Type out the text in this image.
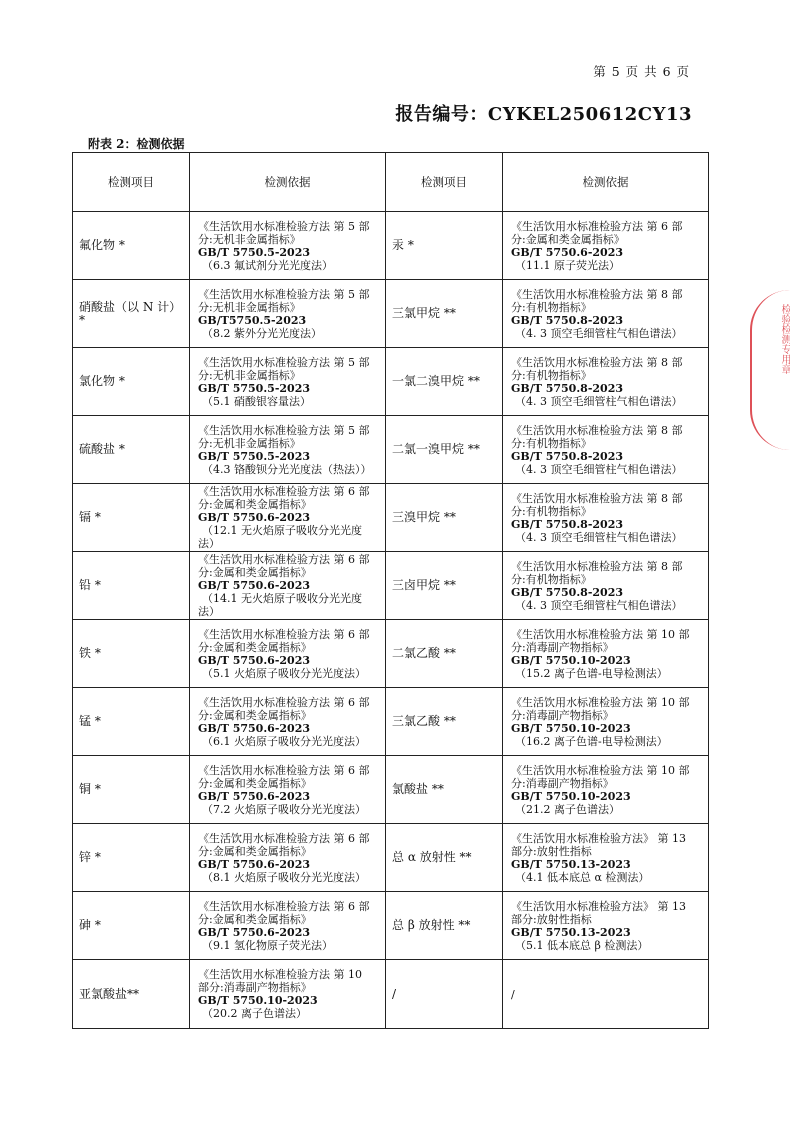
第 5 页 共 6 页
报告编号：CYKEL250612CY13
附表 2：检测依据
检测项目	检测依据	检测项目	检测依据
氟化物 *	《生活饮用水标准检验方法 第 5 部
分:无机非金属指标》
GB/T 5750.5-2023
（6.3 氟试剂分光光度法）	汞 *	《生活饮用水标准检验方法 第 6 部
分:金属和类金属指标》
GB/T 5750.6-2023
（11.1 原子荧光法）

硝酸盐（以 N 计）*	《生活饮用水标准检验方法 第 5 部
分:无机非金属指标》
GB/T5750.5-2023
（8.2 紫外分光光度法）	三氯甲烷 **	《生活饮用水标准检验方法 第 8 部
分:有机物指标》
GB/T 5750.8-2023
（4. 3 顶空毛细管柱气相色谱法）

氯化物 *	《生活饮用水标准检验方法 第 5 部
分:无机非金属指标》
GB/T 5750.5-2023
（5.1 硝酸银容量法）	一氯二溴甲烷 **	《生活饮用水标准检验方法 第 8 部
分:有机物指标》
GB/T 5750.8-2023
（4. 3 顶空毛细管柱气相色谱法）

硫酸盐 *	《生活饮用水标准检验方法 第 5 部
分:无机非金属指标》
GB/T 5750.5-2023
（4.3 铬酸钡分光光度法（热法））	二氯一溴甲烷 **	《生活饮用水标准检验方法 第 8 部
分:有机物指标》
GB/T 5750.8-2023
（4. 3 顶空毛细管柱气相色谱法）

镉 *	《生活饮用水标准检验方法 第 6 部
分:金属和类金属指标》
GB/T 5750.6-2023
（12.1 无火焰原子吸收分光光度
法）	三溴甲烷 **	《生活饮用水标准检验方法 第 8 部
分:有机物指标》
GB/T 5750.8-2023
（4. 3 顶空毛细管柱气相色谱法）

铅 *	《生活饮用水标准检验方法 第 6 部
分:金属和类金属指标》
GB/T 5750.6-2023
（14.1 无火焰原子吸收分光光度
法）	三卤甲烷 **	《生活饮用水标准检验方法 第 8 部
分:有机物指标》
GB/T 5750.8-2023
（4. 3 顶空毛细管柱气相色谱法）

铁 *	《生活饮用水标准检验方法 第 6 部
分:金属和类金属指标》
GB/T 5750.6-2023
（5.1 火焰原子吸收分光光度法）	二氯乙酸 **	《生活饮用水标准检验方法 第 10 部
分:消毒副产物指标》
GB/T 5750.10-2023
（15.2 离子色谱-电导检测法）

锰 *	《生活饮用水标准检验方法 第 6 部
分:金属和类金属指标》
GB/T 5750.6-2023
（6.1 火焰原子吸收分光光度法）	三氯乙酸 **	《生活饮用水标准检验方法 第 10 部
分:消毒副产物指标》
GB/T 5750.10-2023
（16.2 离子色谱-电导检测法）

铜 *	《生活饮用水标准检验方法 第 6 部
分:金属和类金属指标》
GB/T 5750.6-2023
（7.2 火焰原子吸收分光光度法）	氯酸盐 **	《生活饮用水标准检验方法 第 10 部
分:消毒副产物指标》
GB/T 5750.10-2023
（21.2 离子色谱法）

锌 *	《生活饮用水标准检验方法 第 6 部
分:金属和类金属指标》
GB/T 5750.6-2023
（8.1 火焰原子吸收分光光度法）	总 α 放射性 **	《生活饮用水标准检验方法》 第 13
部分:放射性指标
GB/T 5750.13-2023
（4.1 低本底总 α 检测法）

砷 *	《生活饮用水标准检验方法 第 6 部
分:金属和类金属指标》
GB/T 5750.6-2023
（9.1 氢化物原子荧光法）	总 β 放射性 **	《生活饮用水标准检验方法》 第 13
部分:放射性指标
GB/T 5750.13-2023
（5.1 低本底总 β 检测法）

亚氯酸盐**	《生活饮用水标准检验方法 第 10
部分:消毒副产物指标》
GB/T 5750.10-2023
（20.2 离子色谱法）	/	/
检验检测专用章
